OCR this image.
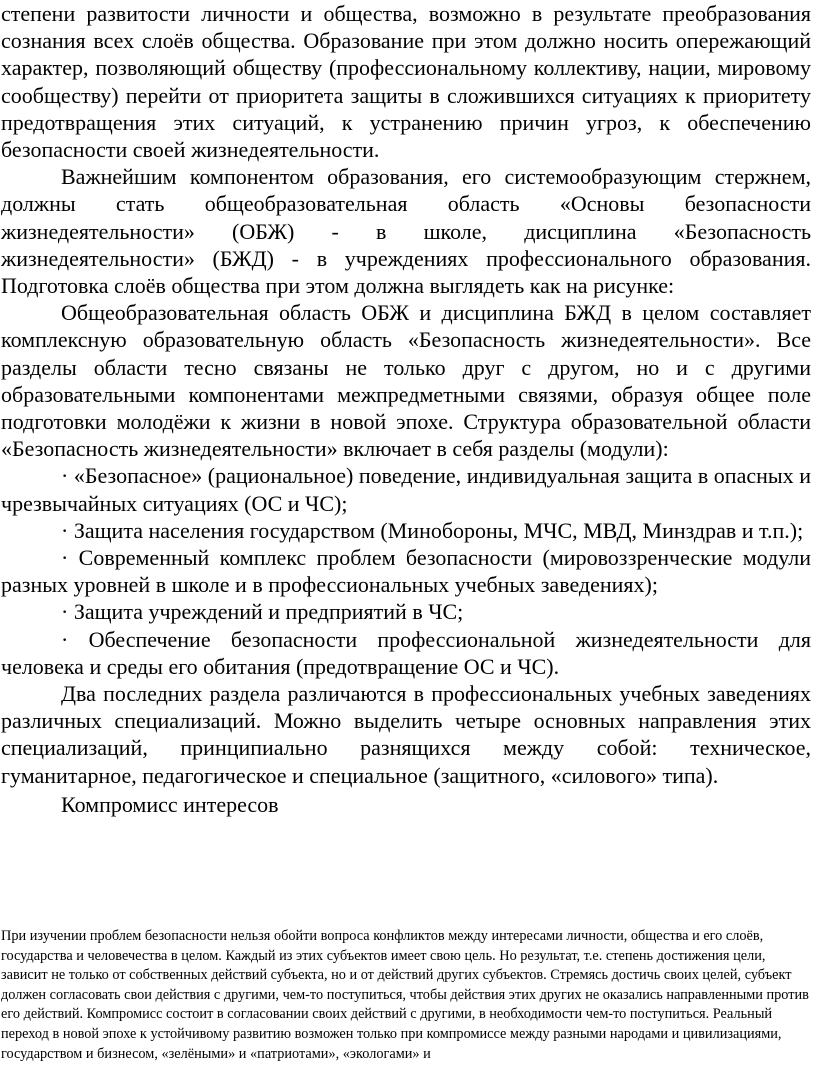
степени развитости личности и общества, возможно в результате преобразования сознания всех слоёв общества. Образование при этом должно носить опережающий характер, позволяющий обществу (профессиональному коллективу, нации, мировому сообществу) перейти от приоритета защиты в сложившихся ситуациях к приоритету предотвращения этих ситуаций, к устранению причин угроз, к обеспечению безопасности своей жизнедеятельности.

Важнейшим компонентом образования, его системообразующим стержнем, должны стать общеобразовательная область «Основы безопасности жизнедеятельности» (ОБЖ) - в школе, дисциплина «Безопасность жизнедеятельности» (БЖД) - в учреждениях профессионального образования. Подготовка слоёв общества при этом должна выглядеть как на рисунке:

Общеобразовательная область ОБЖ и дисциплина БЖД в целом составляет комплексную образовательную область «Безопасность жизнедеятельности». Все разделы области тесно связаны не только друг с другом, но и с другими образовательными компонентами межпредметными связями, образуя общее поле подготовки молодёжи к жизни в новой эпохе. Структура образовательной области «Безопасность жизнедеятельности» включает в себя разделы (модули):

· «Безопасное» (рациональное) поведение, индивидуальная защита в опасных и чрезвычайных ситуациях (ОС и ЧС);

· Защита населения государством (Минобороны, МЧС, МВД, Минздрав и т.п.);

· Современный комплекс проблем безопасности (мировоззренческие модули разных уровней в школе и в профессиональных учебных заведениях);

· Защита учреждений и предприятий в ЧС;

· Обеспечение безопасности профессиональной жизнедеятельности для человека и среды его обитания (предотвращение ОС и ЧС).

Два последних раздела различаются в профессиональных учебных заведениях различных специализаций. Можно выделить четыре основных направления этих специализаций, принципиально разнящихся между собой: техническое, гуманитарное, педагогическое и специальное (защитного, «силового» типа).

Компромисс интересов

При изучении проблем безопасности нельзя обойти вопроса конфликтов между интересами личности, общества и его слоёв, государства и человечества в целом. Каждый из этих субъектов имеет свою цель. Но результат, т.е. степень достижения цели, зависит не только от собственных действий субъекта, но и от действий других субъектов. Стремясь достичь своих целей, субъект должен согласовать свои действия с другими, чем-то поступиться, чтобы действия этих других не оказались направленными против его действий. Компромисс состоит в согласовании своих действий с другими, в необходимости чем-то поступиться. Реальный переход в новой эпохе к устойчивому развитию возможен только при компромиссе между разными народами и цивилизациями, государством и бизнесом, «зелёными» и «патриотами», «экологами» и
